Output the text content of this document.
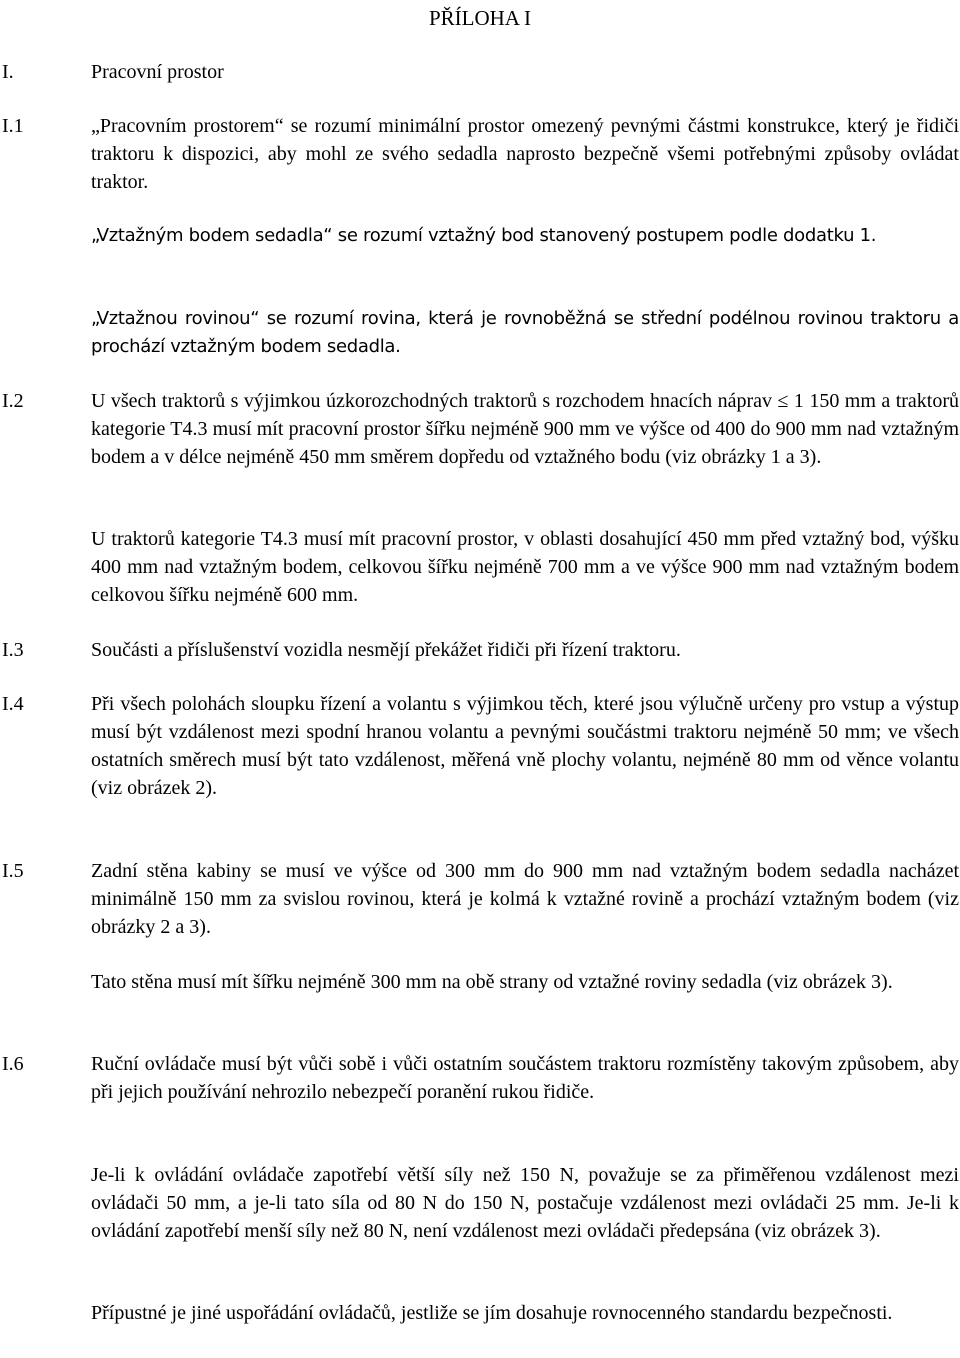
PŘÍLOHA I
I.	Pracovní prostor
I.1	„Pracovním prostorem“ se rozumí minimální prostor omezený pevnými částmi konstrukce, který je řidiči traktoru k dispozici, aby mohl ze svého sedadla naprosto bezpečně všemi potřebnými způsoby ovládat traktor.

„Vztažným bodem sedadla“ se rozumí vztažný bod stanovený postupem podle dodatku 1.

„Vztažnou rovinou“ se rozumí rovina, která je rovnoběžná se střední podélnou rovinou traktoru a prochází vztažným bodem sedadla.

I.2	U všech traktorů s výjimkou úzkorozchodných traktorů s rozchodem hnacích náprav ≤ 1 150 mm a traktorů kategorie T4.3 musí mít pracovní prostor šířku nejméně 900 mm ve výšce od 400 do 900 mm nad vztažným bodem a v délce nejméně 450 mm směrem dopředu od vztažného bodu (viz obrázky 1 a 3).

U traktorů kategorie T4.3 musí mít pracovní prostor, v oblasti dosahující 450 mm před vztažný bod, výšku 400 mm nad vztažným bodem, celkovou šířku nejméně 700 mm a ve výšce 900 mm nad vztažným bodem celkovou šířku nejméně 600 mm.

I.3	Součásti a příslušenství vozidla nesmějí překážet řidiči při řízení traktoru.

I.4	Při všech polohách sloupku řízení a volantu s výjimkou těch, které jsou výlučně určeny pro vstup a výstup musí být vzdálenost mezi spodní hranou volantu a pevnými součástmi traktoru nejméně 50 mm; ve všech ostatních směrech musí být tato vzdálenost, měřená vně plochy volantu, nejméně 80 mm od věnce volantu (viz obrázek 2).

I.5	Zadní stěna kabiny se musí ve výšce od 300 mm do 900 mm nad vztažným bodem sedadla nacházet minimálně 150 mm za svislou rovinou, která je kolmá k vztažné rovině a prochází vztažným bodem (viz obrázky 2 a 3).

Tato stěna musí mít šířku nejméně 300 mm na obě strany od vztažné roviny sedadla (viz obrázek 3).

I.6	Ruční ovládače musí být vůči sobě i vůči ostatním součástem traktoru rozmístěny takovým způsobem, aby při jejich používání nehrozilo nebezpečí poranění rukou řidiče.

Je-li k ovládání ovládače zapotřebí větší síly než 150 N, považuje se za přiměřenou vzdálenost mezi ovládači 50 mm, a je-li tato síla od 80 N do 150 N, postačuje vzdálenost mezi ovládači 25 mm. Je-li k ovládání zapotřebí menší síly než 80 N, není vzdálenost mezi ovládači předepsána (viz obrázek 3).

Přípustné je jiné uspořádání ovládačů, jestliže se jím dosahuje rovnocenného standardu bezpečnosti.
